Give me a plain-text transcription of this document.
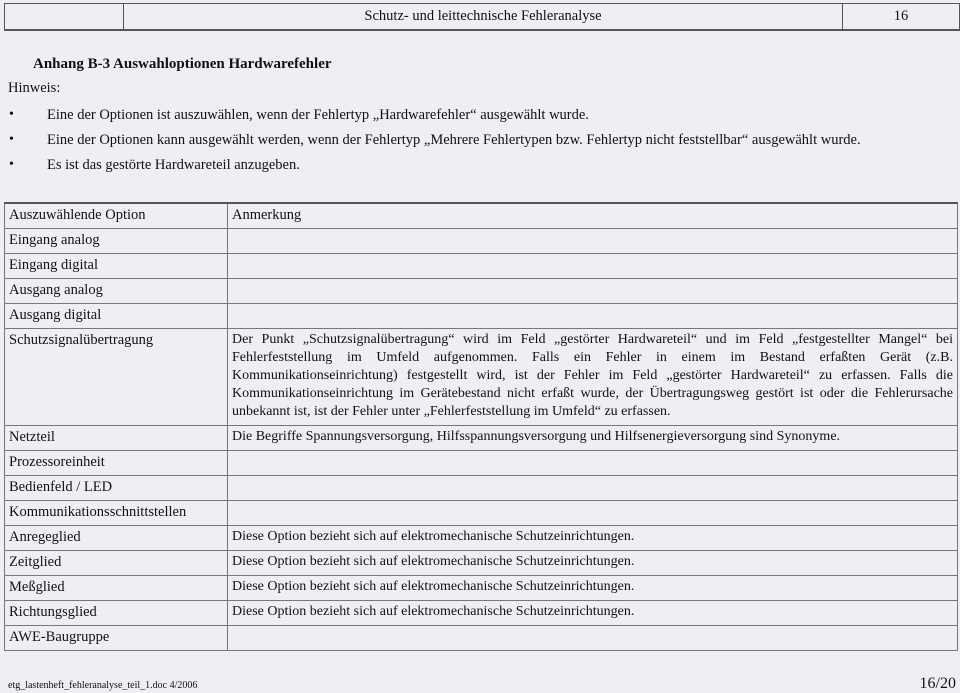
Schutz- und leittechnische Fehleranalyse	16
Anhang B-3 Auswahloptionen Hardwarefehler
Hinweis:
• Eine der Optionen ist auszuwählen, wenn der Fehlertyp „Hardwarefehler“ ausgewählt wurde.
• Eine der Optionen kann ausgewählt werden, wenn der Fehlertyp „Mehrere Fehlertypen bzw. Fehlertyp nicht feststellbar“ ausgewählt wurde.
• Es ist das gestörte Hardwareteil anzugeben.
Auszuwählende Option	Anmerkung
Eingang analog	
Eingang digital	
Ausgang analog	
Ausgang digital	
Schutzsignalübertragung	Der Punkt „Schutzsignalübertragung“ wird im Feld „gestörter Hardwareteil“ und im Feld „festgestellter Mangel“ bei Fehlerfeststellung im Umfeld aufgenommen. Falls ein Fehler in einem im Bestand erfaßten Gerät (z.B. Kommunikationseinrichtung) festgestellt wird, ist der Fehler im Feld „gestörter Hardwareteil“ zu erfassen. Falls die Kommunikationseinrichtung im Gerätebestand nicht erfaßt wurde, der Übertragungsweg gestört ist oder die Fehlerursache unbekannt ist, ist der Fehler unter „Fehlerfeststellung im Umfeld“ zu erfassen.
Netzteil	Die Begriffe Spannungsversorgung, Hilfsspannungsversorgung und Hilfsenergieversorgung sind Synonyme.
Prozessoreinheit	
Bedienfeld / LED	
Kommunikationsschnittstellen	
Anregeglied	Diese Option bezieht sich auf elektromechanische Schutzeinrichtungen.
Zeitglied	Diese Option bezieht sich auf elektromechanische Schutzeinrichtungen.
Meßglied	Diese Option bezieht sich auf elektromechanische Schutzeinrichtungen.
Richtungsglied	Diese Option bezieht sich auf elektromechanische Schutzeinrichtungen.
AWE-Baugruppe	
etg_lastenheft_fehleranalyse_teil_1.doc 4/2006	16/20
